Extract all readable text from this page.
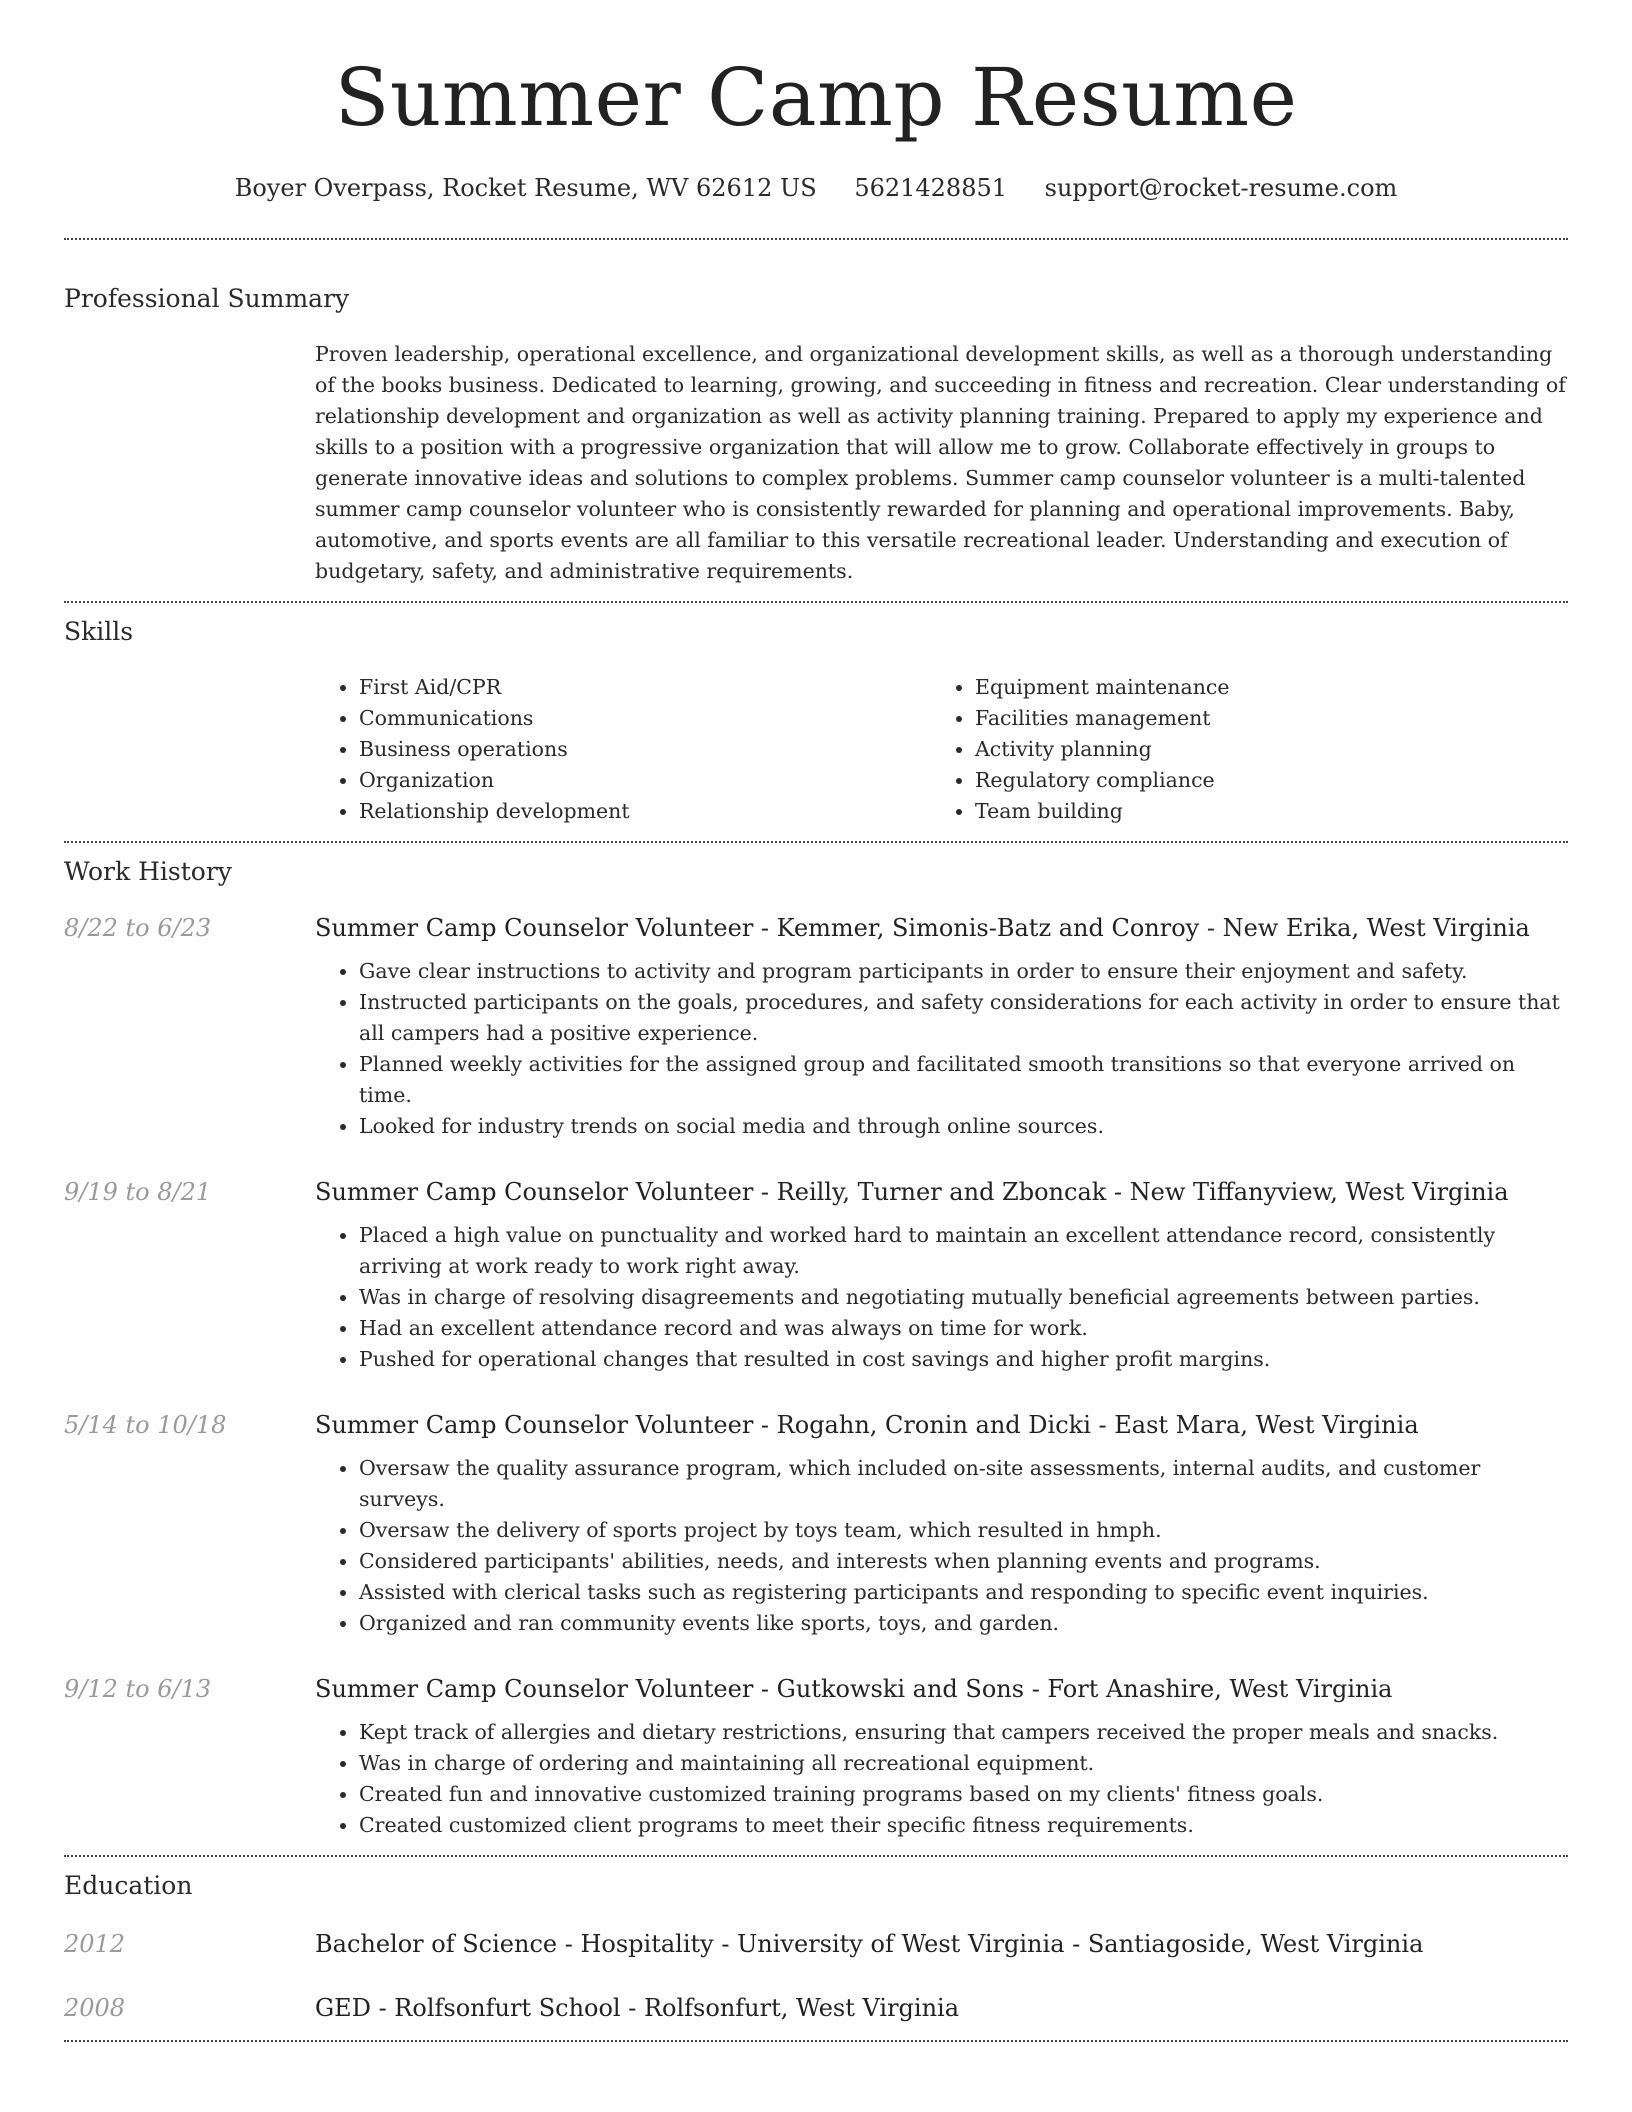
Summer Camp Resume
Boyer Overpass, Rocket Resume, WV 62612 US 5621428851 support@rocket-resume.com
Professional Summary

Proven leadership, operational excellence, and organizational development skills, as well as a thorough understanding of the books business. Dedicated to learning, growing, and succeeding in fitness and recreation. Clear understanding of relationship development and organization as well as activity planning training. Prepared to apply my experience and skills to a position with a progressive organization that will allow me to grow. Collaborate effectively in groups to generate innovative ideas and solutions to complex problems. Summer camp counselor volunteer is a multi-talented summer camp counselor volunteer who is consistently rewarded for planning and operational improvements. Baby, automotive, and sports events are all familiar to this versatile recreational leader. Understanding and execution of budgetary, safety, and administrative requirements.

Skills
• First Aid/CPR
• Communications
• Business operations
• Organization
• Relationship development
• Equipment maintenance
• Facilities management
• Activity planning
• Regulatory compliance
• Team building
Work History
8/22 to 6/23	Summer Camp Counselor Volunteer - Kemmer, Simonis-Batz and Conroy - New Erika, West Virginia
• Gave clear instructions to activity and program participants in order to ensure their enjoyment and safety.
• Instructed participants on the goals, procedures, and safety considerations for each activity in order to ensure that all campers had a positive experience.
• Planned weekly activities for the assigned group and facilitated smooth transitions so that everyone arrived on time.
• Looked for industry trends on social media and through online sources.
9/19 to 8/21	Summer Camp Counselor Volunteer - Reilly, Turner and Zboncak - New Tiffanyview, West Virginia
• Placed a high value on punctuality and worked hard to maintain an excellent attendance record, consistently arriving at work ready to work right away.
• Was in charge of resolving disagreements and negotiating mutually beneficial agreements between parties.
• Had an excellent attendance record and was always on time for work.
• Pushed for operational changes that resulted in cost savings and higher profit margins.
5/14 to 10/18	Summer Camp Counselor Volunteer - Rogahn, Cronin and Dicki - East Mara, West Virginia
• Oversaw the quality assurance program, which included on-site assessments, internal audits, and customer surveys.
• Oversaw the delivery of sports project by toys team, which resulted in hmph.
• Considered participants' abilities, needs, and interests when planning events and programs.
• Assisted with clerical tasks such as registering participants and responding to specific event inquiries.
• Organized and ran community events like sports, toys, and garden.
9/12 to 6/13	Summer Camp Counselor Volunteer - Gutkowski and Sons - Fort Anashire, West Virginia
• Kept track of allergies and dietary restrictions, ensuring that campers received the proper meals and snacks.
• Was in charge of ordering and maintaining all recreational equipment.
• Created fun and innovative customized training programs based on my clients' fitness goals.
• Created customized client programs to meet their specific fitness requirements.
Education
2012	Bachelor of Science - Hospitality - University of West Virginia - Santiagoside, West Virginia
2008	GED - Rolfsonfurt School - Rolfsonfurt, West Virginia
